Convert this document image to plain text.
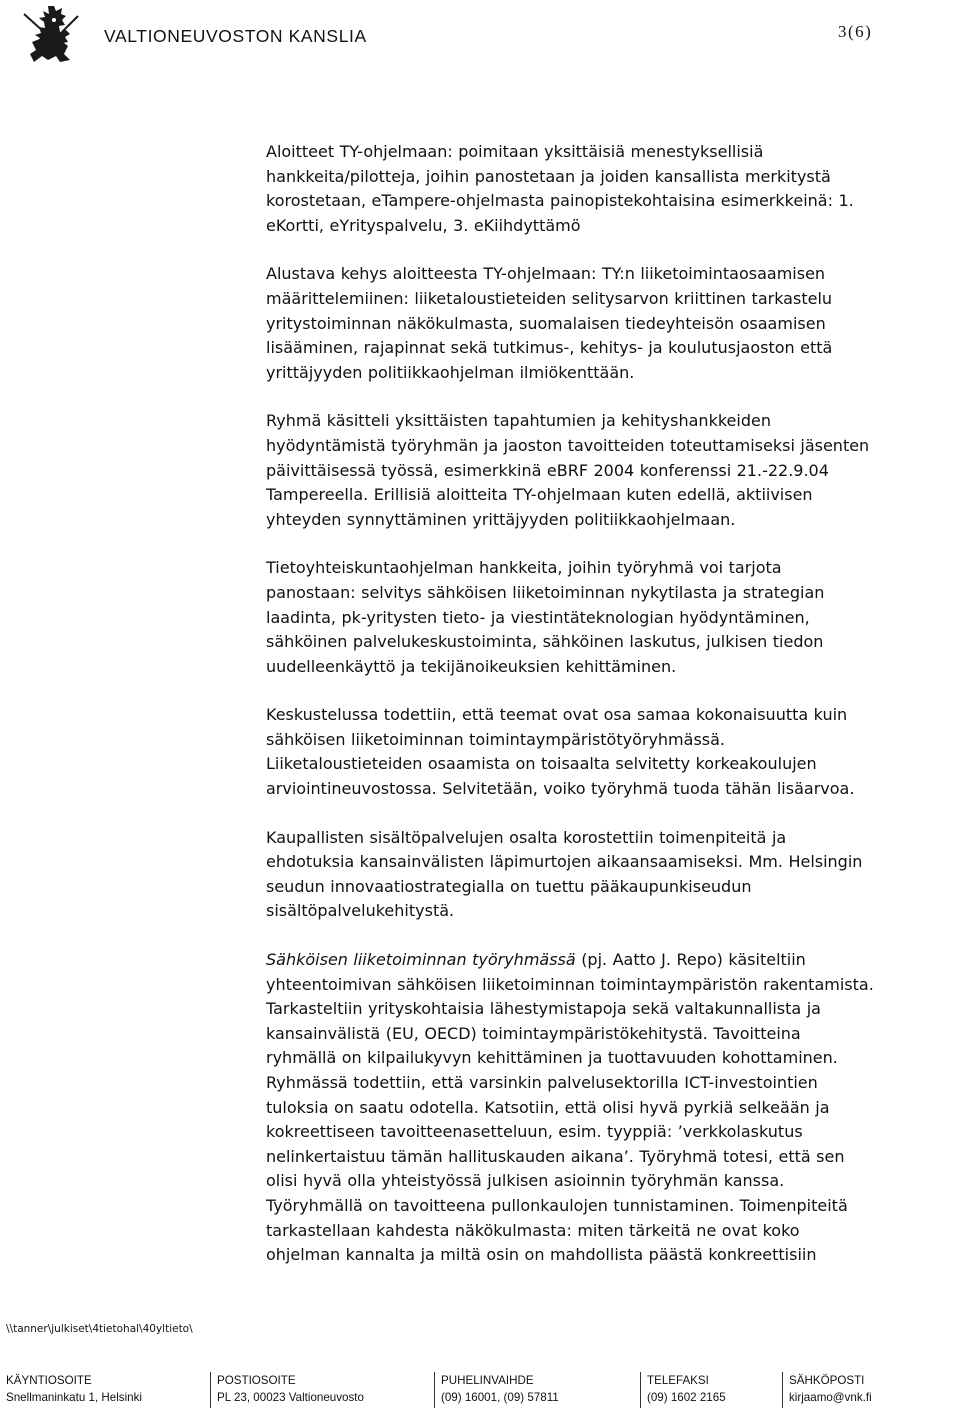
VALTIONEUVOSTON KANSLIA	3(6)

Aloitteet TY-ohjelmaan: poimitaan yksittäisiä menestyksellisiä
hankkeita/pilotteja, joihin panostetaan ja joiden kansallista merkitystä
korostetaan, eTampere-ohjelmasta painopistekohtaisina esimerkkeinä: 1.
eKortti, eYrityspalvelu, 3. eKiihdyttämö

Alustava kehys aloitteesta TY-ohjelmaan: TY:n liiketoimintaosaamisen
määrittelemiinen: liiketaloustieteiden selitysarvon kriittinen tarkastelu
yritystoiminnan näkökulmasta, suomalaisen tiedeyhteisön osaamisen
lisääminen, rajapinnat sekä tutkimus-, kehitys- ja koulutusjaoston että
yrittäjyyden politiikkaohjelman ilmiökenttään.

Ryhmä käsitteli yksittäisten tapahtumien ja kehityshankkeiden
hyödyntämistä työryhmän ja jaoston tavoitteiden toteuttamiseksi jäsenten
päivittäisessä työssä, esimerkkinä eBRF 2004 konferenssi 21.-22.9.04
Tampereella. Erillisiä aloitteita TY-ohjelmaan kuten edellä, aktiivisen
yhteyden synnyttäminen yrittäjyyden politiikkaohjelmaan.

Tietoyhteiskuntaohjelman hankkeita, joihin työryhmä voi tarjota
panostaan: selvitys sähköisen liiketoiminnan nykytilasta ja strategian
laadinta, pk-yritysten tieto- ja viestintäteknologian hyödyntäminen,
sähköinen palvelukeskustoiminta, sähköinen laskutus, julkisen tiedon
uudelleenkäyttö ja tekijänoikeuksien kehittäminen.

Keskustelussa todettiin, että teemat ovat osa samaa kokonaisuutta kuin
sähköisen liiketoiminnan toimintaympäristötyöryhmässä.
Liiketaloustieteiden osaamista on toisaalta selvitetty korkeakoulujen
arviointineuvostossa. Selvitetään, voiko työryhmä tuoda tähän lisäarvoa.

Kaupallisten sisältöpalvelujen osalta korostettiin toimenpiteitä ja
ehdotuksia kansainvälisten läpimurtojen aikaansaamiseksi. Mm. Helsingin
seudun innovaatiostrategialla on tuettu pääkaupunkiseudun
sisältöpalvelukehitystä.

Sähköisen liiketoiminnan työryhmässä (pj. Aatto J. Repo) käsiteltiin
yhteentoimivan sähköisen liiketoiminnan toimintaympäristön rakentamista.
Tarkasteltiin yrityskohtaisia lähestymistapoja sekä valtakunnallista ja
kansainvälistä (EU, OECD) toimintaympäristökehitystä. Tavoitteina
ryhmällä on kilpailukyvyn kehittäminen ja tuottavuuden kohottaminen.
Ryhmässä todettiin, että varsinkin palvelusektorilla ICT-investointien
tuloksia on saatu odotella. Katsotiin, että olisi hyvä pyrkiä selkeään ja
kokreettiseen tavoitteenasetteluun, esim. tyyppiä: ’verkkolaskutus
nelinkertaistuu tämän hallituskauden aikana’. Työryhmä totesi, että sen
olisi hyvä olla yhteistyössä julkisen asioinnin työryhmän kanssa.
Työryhmällä on tavoitteena pullonkaulojen tunnistaminen. Toimenpiteitä
tarkastellaan kahdesta näkökulmasta: miten tärkeitä ne ovat koko
ohjelman kannalta ja miltä osin on mahdollista päästä konkreettisiin

\\tanner\julkiset\4tietohal\40yltieto\
KÄYNTIOSOITE
Snellmaninkatu 1, Helsinki
POSTIOSOITE
PL 23, 00023 Valtioneuvosto
PUHELINVAIHDE
(09) 16001, (09) 57811
TELEFAKSI
(09) 1602 2165
SÄHKÖPOSTI
kirjaamo@vnk.fi
